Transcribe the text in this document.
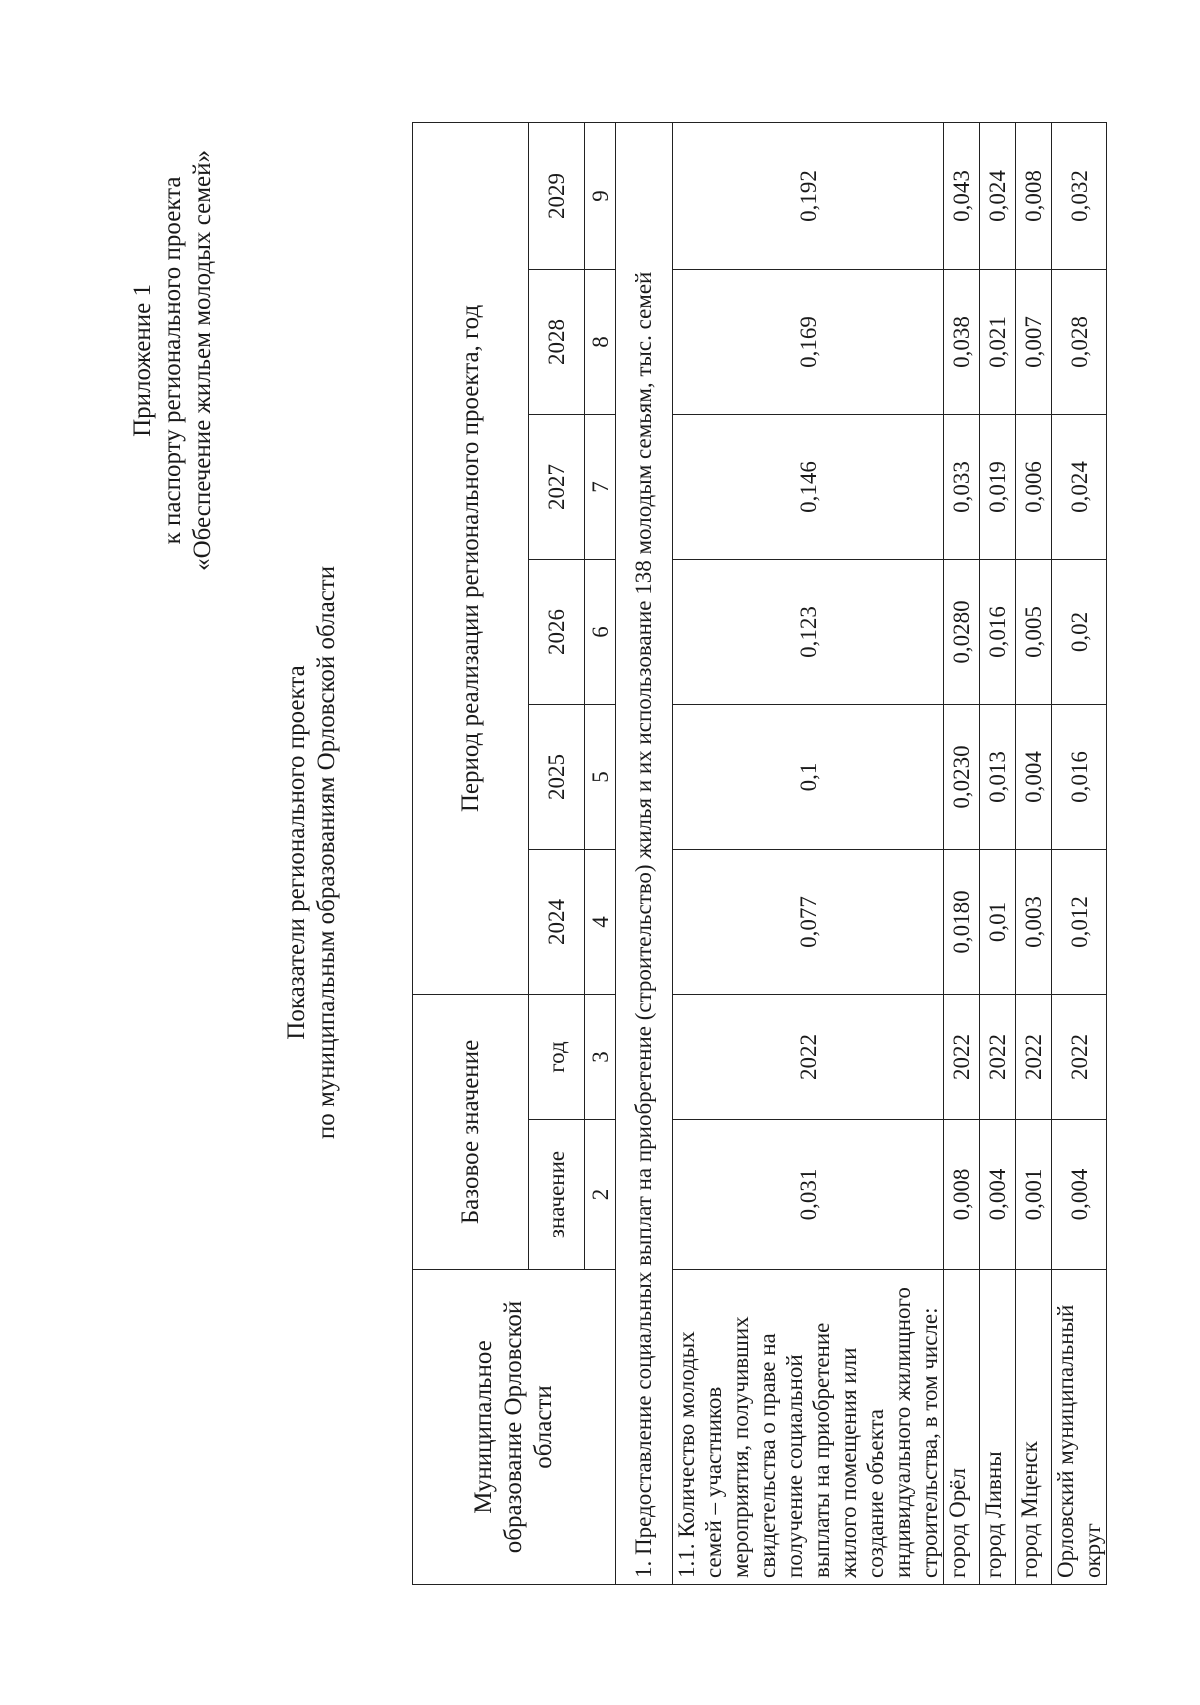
Приложение 1 к паспорту регионального проекта «Обеспечение жильем молодых семей»
Показатели регионального проекта по муниципальным образованиям Орловской области
Муниципальное образование Орловской области	Базовое значение		Период реализации регионального проекта, год					
	значение	год	2024	2025	2026	2027	2028	2029
	2	3	4	5	6	7	8	9
1. Предоставление социальных выплат на приобретение (строительство) жилья и их использование 138 молодым семьям, тыс. семей								
1.1. Количество молодых семей – участников мероприятия, получивших свидетельства о праве на получение социальной выплаты на приобретение жилого помещения или создание объекта индивидуального жилищного строительства, в том числе:	0,031	2022	0,077	0,1	0,123	0,146	0,169	0,192
город Орёл	0,008	2022	0,0180	0,0230	0,0280	0,033	0,038	0,043
город Ливны	0,004	2022	0,01	0,013	0,016	0,019	0,021	0,024
город Мценск	0,001	2022	0,003	0,004	0,005	0,006	0,007	0,008
Орловский муниципальный округ	0,004	2022	0,012	0,016	0,02	0,024	0,028	0,032
